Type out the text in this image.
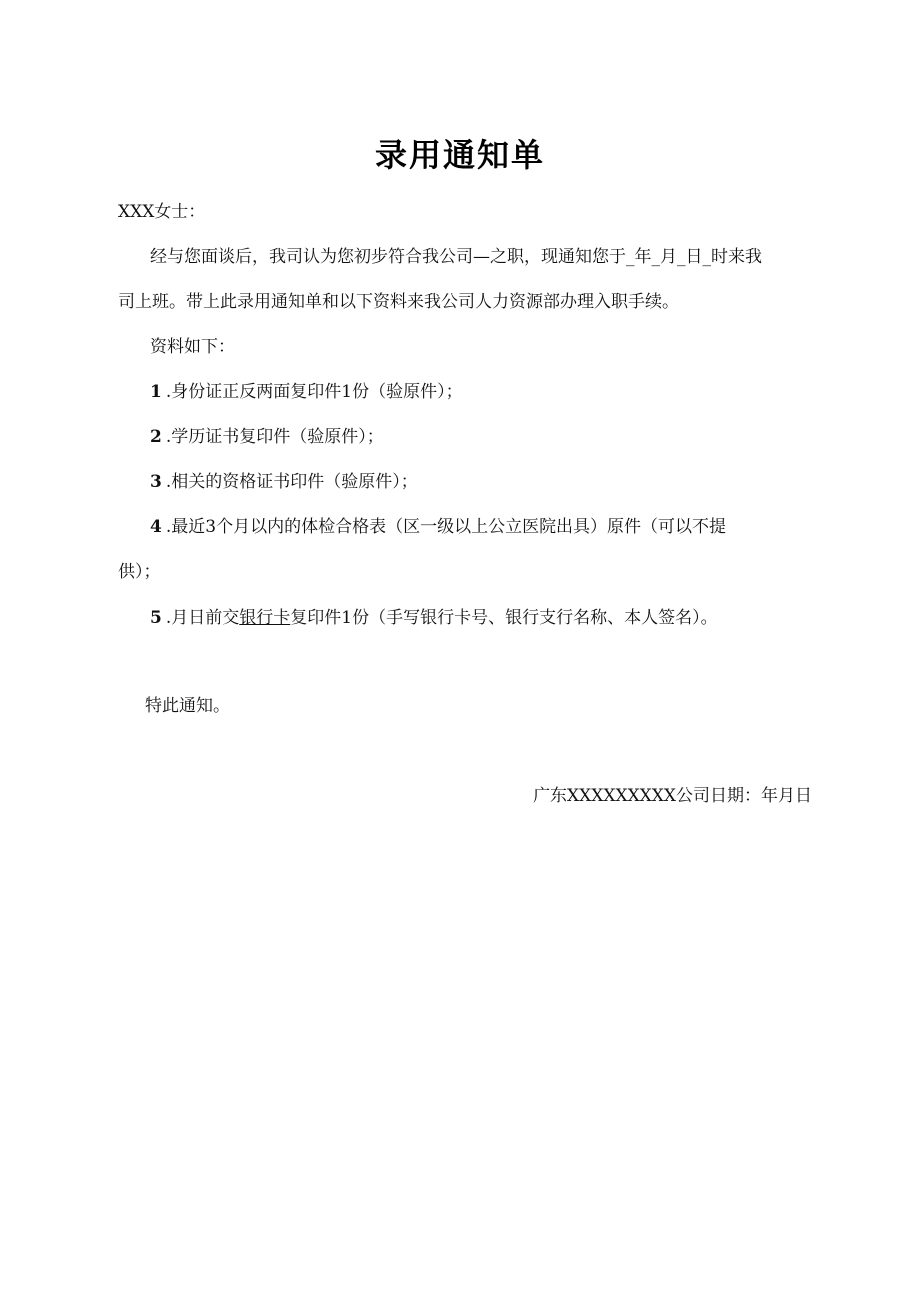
录用通知单
XXX女士：
经与您面谈后，我司认为您初步符合我公司—之职，现通知您于_年_月_日_时来我
司上班。带上此录用通知单和以下资料来我公司人力资源部办理入职手续。
资料如下：
1 .身份证正反两面复印件1份（验原件）；
2 .学历证书复印件（验原件）；
3 .相关的资格证书印件（验原件）；
4 .最近3个月以内的体检合格表（区一级以上公立医院出具）原件（可以不提
供）；
5 .月日前交银行卡复印件1份（手写银行卡号、银行支行名称、本人签名）。
特此通知。
广东XXXXXXXXX公司日期：年月日
